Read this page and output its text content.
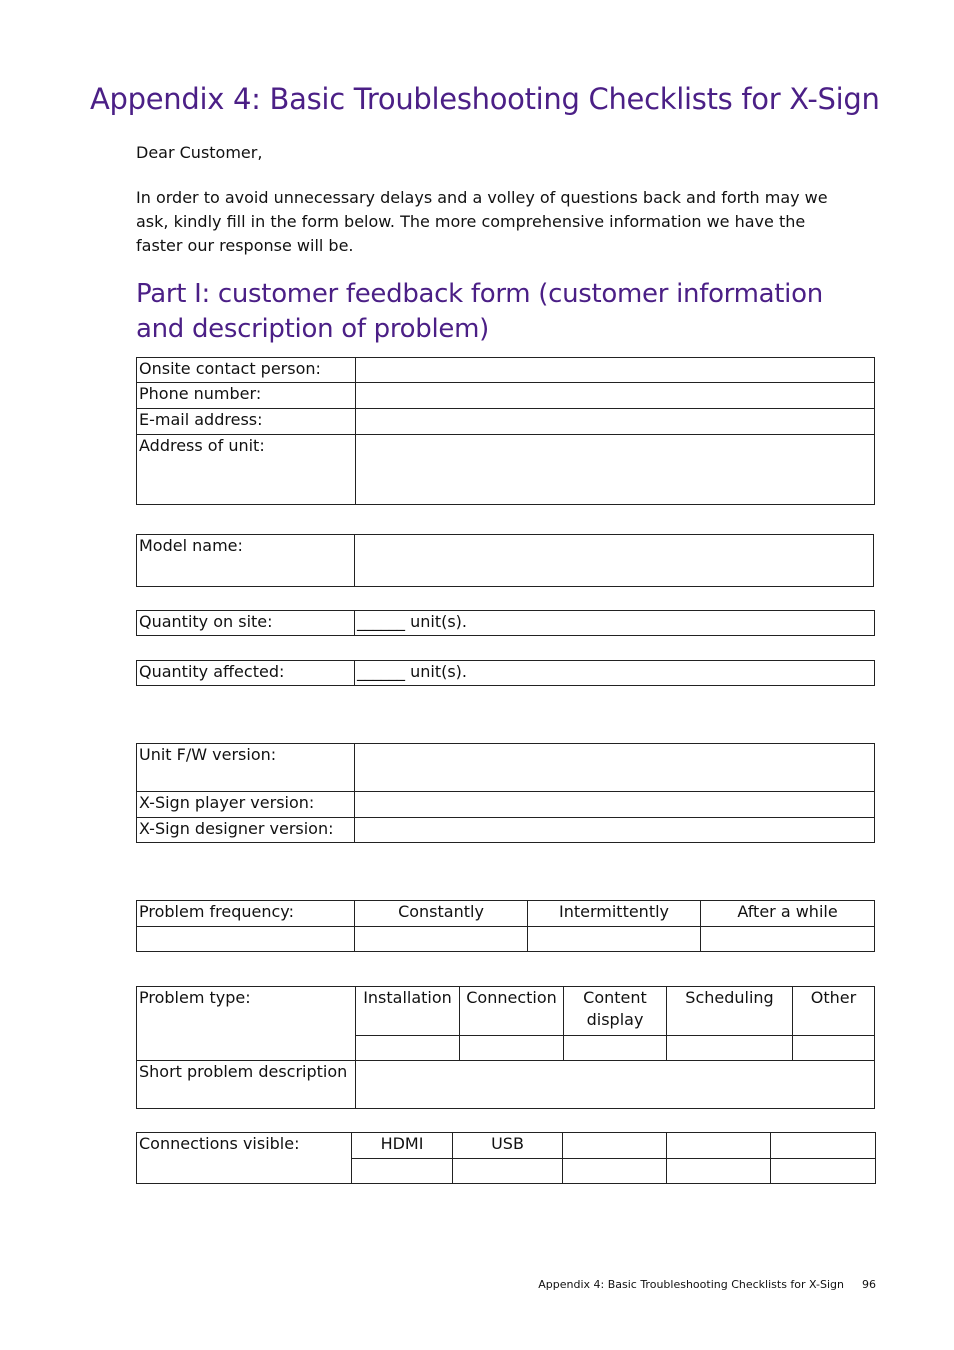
Appendix 4: Basic Troubleshooting Checklists for X-Sign

Dear Customer,

In order to avoid unnecessary delays and a volley of questions back and forth may we ask, kindly fill in the form below. The more comprehensive information we have the faster our response will be.

Part I: customer feedback form (customer information and description of problem)
Onsite contact person:	
Phone number:	
E-mail address:	
Address of unit:	
Model name:	
Quantity on site:	______ unit(s).
Quantity affected:	______ unit(s).
Unit F/W version:	
X-Sign player version:	
X-Sign designer version:	
Problem frequency:	Constantly	Intermittently	After a while

Problem type:	Installation	Connection	Content display	Scheduling	Other

Short problem description					
Connections visible:	HDMI	USB			

Appendix 4: Basic Troubleshooting Checklists for X-Sign 96
